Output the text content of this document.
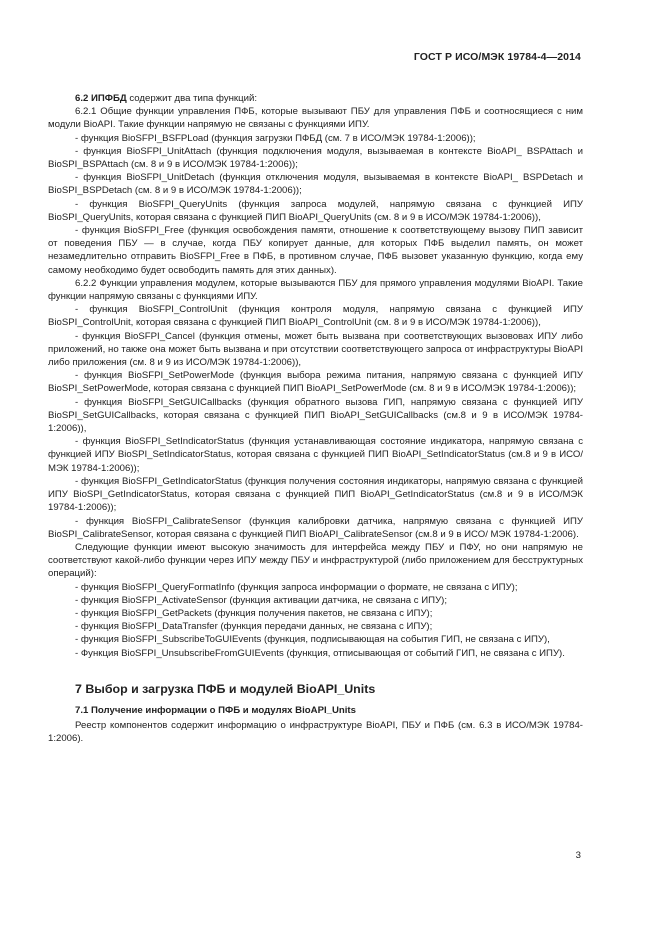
ГОСТ Р ИСО/МЭК 19784-4—2014

6.2 ИПФБД содержит два типа функций:

6.2.1 Общие функции управления ПФБ, которые вызывают ПБУ для управления ПФБ и соотносящиеся с ним модули BioAPI. Такие функции напрямую не связаны с функциями ИПУ.

- функция BioSFPI_BSFPLoad (функция загрузки ПФБД (см. 7 в ИСО/МЭК 19784-1:2006));

- функция BioSFPI_UnitAttach (функция подключения модуля, вызываемая в контексте BioAPI_ BSPAttach и BioSPI_BSPAttach (см. 8 и 9 в ИСО/МЭК 19784-1:2006));

- функция BioSFPI_UnitDetach (функция отключения модуля, вызываемая в контексте BioAPI_ BSPDetach и BioSPI_BSPDetach (см. 8 и 9 в ИСО/МЭК 19784-1:2006));

- функция BioSFPI_QueryUnits (функция запроса модулей, напрямую связана с функцией ИПУ BioSPI_QueryUnits, которая связана с функцией ПИП BioAPI_QueryUnits (см. 8 и 9 в ИСО/МЭК 19784-1:2006)),

- функция BioSFPI_Free (функция освобождения памяти, отношение к соответствующему вызову ПИП зависит от поведения ПБУ — в случае, когда ПБУ копирует данные, для которых ПФБ выделил память, он может незамедлительно отправить BioSFPI_Free в ПФБ, в противном случае, ПФБ вызовет указанную функцию, когда ему самому необходимо будет освободить память для этих данных).

6.2.2 Функции управления модулем, которые вызываются ПБУ для прямого управления модулями BioAPI. Такие функции напрямую связаны с функциями ИПУ.

- функция BioSFPI_ControlUnit (функция контроля модуля, напрямую связана с функцией ИПУ BioSPI_ControlUnit, которая связана с функцией ПИП BioAPI_ControlUnit (см. 8 и 9 в ИСО/МЭК 19784-1:2006)),

- функция BioSFPI_Cancel (функция отмены, может быть вызвана при соответствующих вызововах ИПУ либо приложений, но также она может быть вызвана и при отсутствии соответствующего запроса от инфраструктуры BioAPI либо приложения (см. 8 и 9 из ИСО/МЭК 19784-1:2006)),

- функция BioSFPI_SetPowerMode (функция выбора режима питания, напрямую связана с функцией ИПУ BioSPI_SetPowerMode, которая связана с функцией ПИП BioAPI_SetPowerMode (см. 8 и 9 в ИСО/МЭК 19784-1:2006));

- функция BioSFPI_SetGUICallbacks (функция обратного вызова ГИП, напрямую связана с функцией ИПУ BioSPI_SetGUICallbacks, которая связана с функцией ПИП BioAPI_SetGUICallbacks (см.8 и 9 в ИСО/МЭК 19784-1:2006)),

- функция BioSFPI_SetIndicatorStatus (функция устанавливающая состояние индикатора, напрямую связана с функцией ИПУ BioSPI_SetIndicatorStatus, которая связана с функцией ПИП BioAPI_SetIndicatorStatus (см.8 и 9 в ИСО/МЭК 19784-1:2006));

- функция BioSFPI_GetIndicatorStatus (функция получения состояния индикаторы, напрямую связана с функцией ИПУ BioSPI_GetIndicatorStatus, которая связана с функцией ПИП BioAPI_GetIndicatorStatus (см.8 и 9 в ИСО/МЭК 19784-1:2006));

- функция BioSFPI_CalibrateSensor (функция калибровки датчика, напрямую связана с функцией ИПУ BioSPI_CalibrateSensor, которая связана с функцией ПИП BioAPI_CalibrateSensor (см.8 и 9 в ИСО/ МЭК 19784-1:2006).

Следующие функции имеют высокую значимость для интерфейса между ПБУ и ПФУ, но они напрямую не соответствуют какой-либо функции через ИПУ между ПБУ и инфраструктурой (либо приложением для бесструктурных операций):

- функция BioSFPI_QueryFormatInfo (функция запроса информации о формате, не связана с ИПУ);

- функция BioSFPI_ActivateSensor (функция активации датчика, не связана с ИПУ);

- функция BioSFPI_GetPackets (функция получения пакетов, не связана с ИПУ);

- функция BioSFPI_DataTransfer (функция передачи данных, не связана с ИПУ);

- функция BioSFPI_SubscribeToGUIEvents (функция, подписывающая на события ГИП, не связана с ИПУ),

- Функция BioSFPI_UnsubscribeFromGUIEvents (функция, отписывающая от событий ГИП, не связана с ИПУ).

7 Выбор и загрузка ПФБ и модулей BioAPI_Units
7.1 Получение информации о ПФБ и модулях BioAPI_Units

Реестр компонентов содержит информацию о инфраструктуре BioAPI, ПБУ и ПФБ (см. 6.3 в ИСО/МЭК 19784-1:2006).

3
